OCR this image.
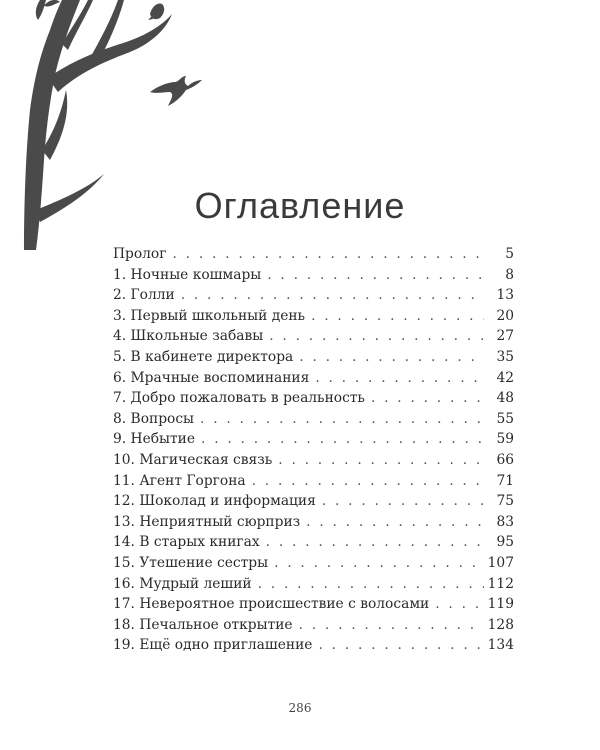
Оглавление
Пролог . . .	5
1. Ночные кошмары . . .	8
2. Голли . . .	13
3. Первый школьный день . . .	20
4. Школьные забавы . . .	27
5. В кабинете директора . . .	35
6. Мрачные воспоминания . . .	42
7. Добро пожаловать в реальность . . .	48
8. Вопросы . . .	55
9. Небытие . . .	59
10. Магическая связь . . .	66
11. Агент Горгона . . .	71
12. Шоколад и информация . . .	75
13. Неприятный сюрприз . . .	83
14. В старых книгах . . .	95
15. Утешение сестры . . .	107
16. Мудрый леший . . .	112
17. Невероятное происшествие с волосами . . .	119
18. Печальное открытие . . .	128
19. Ещё одно приглашение . . .	134
286
